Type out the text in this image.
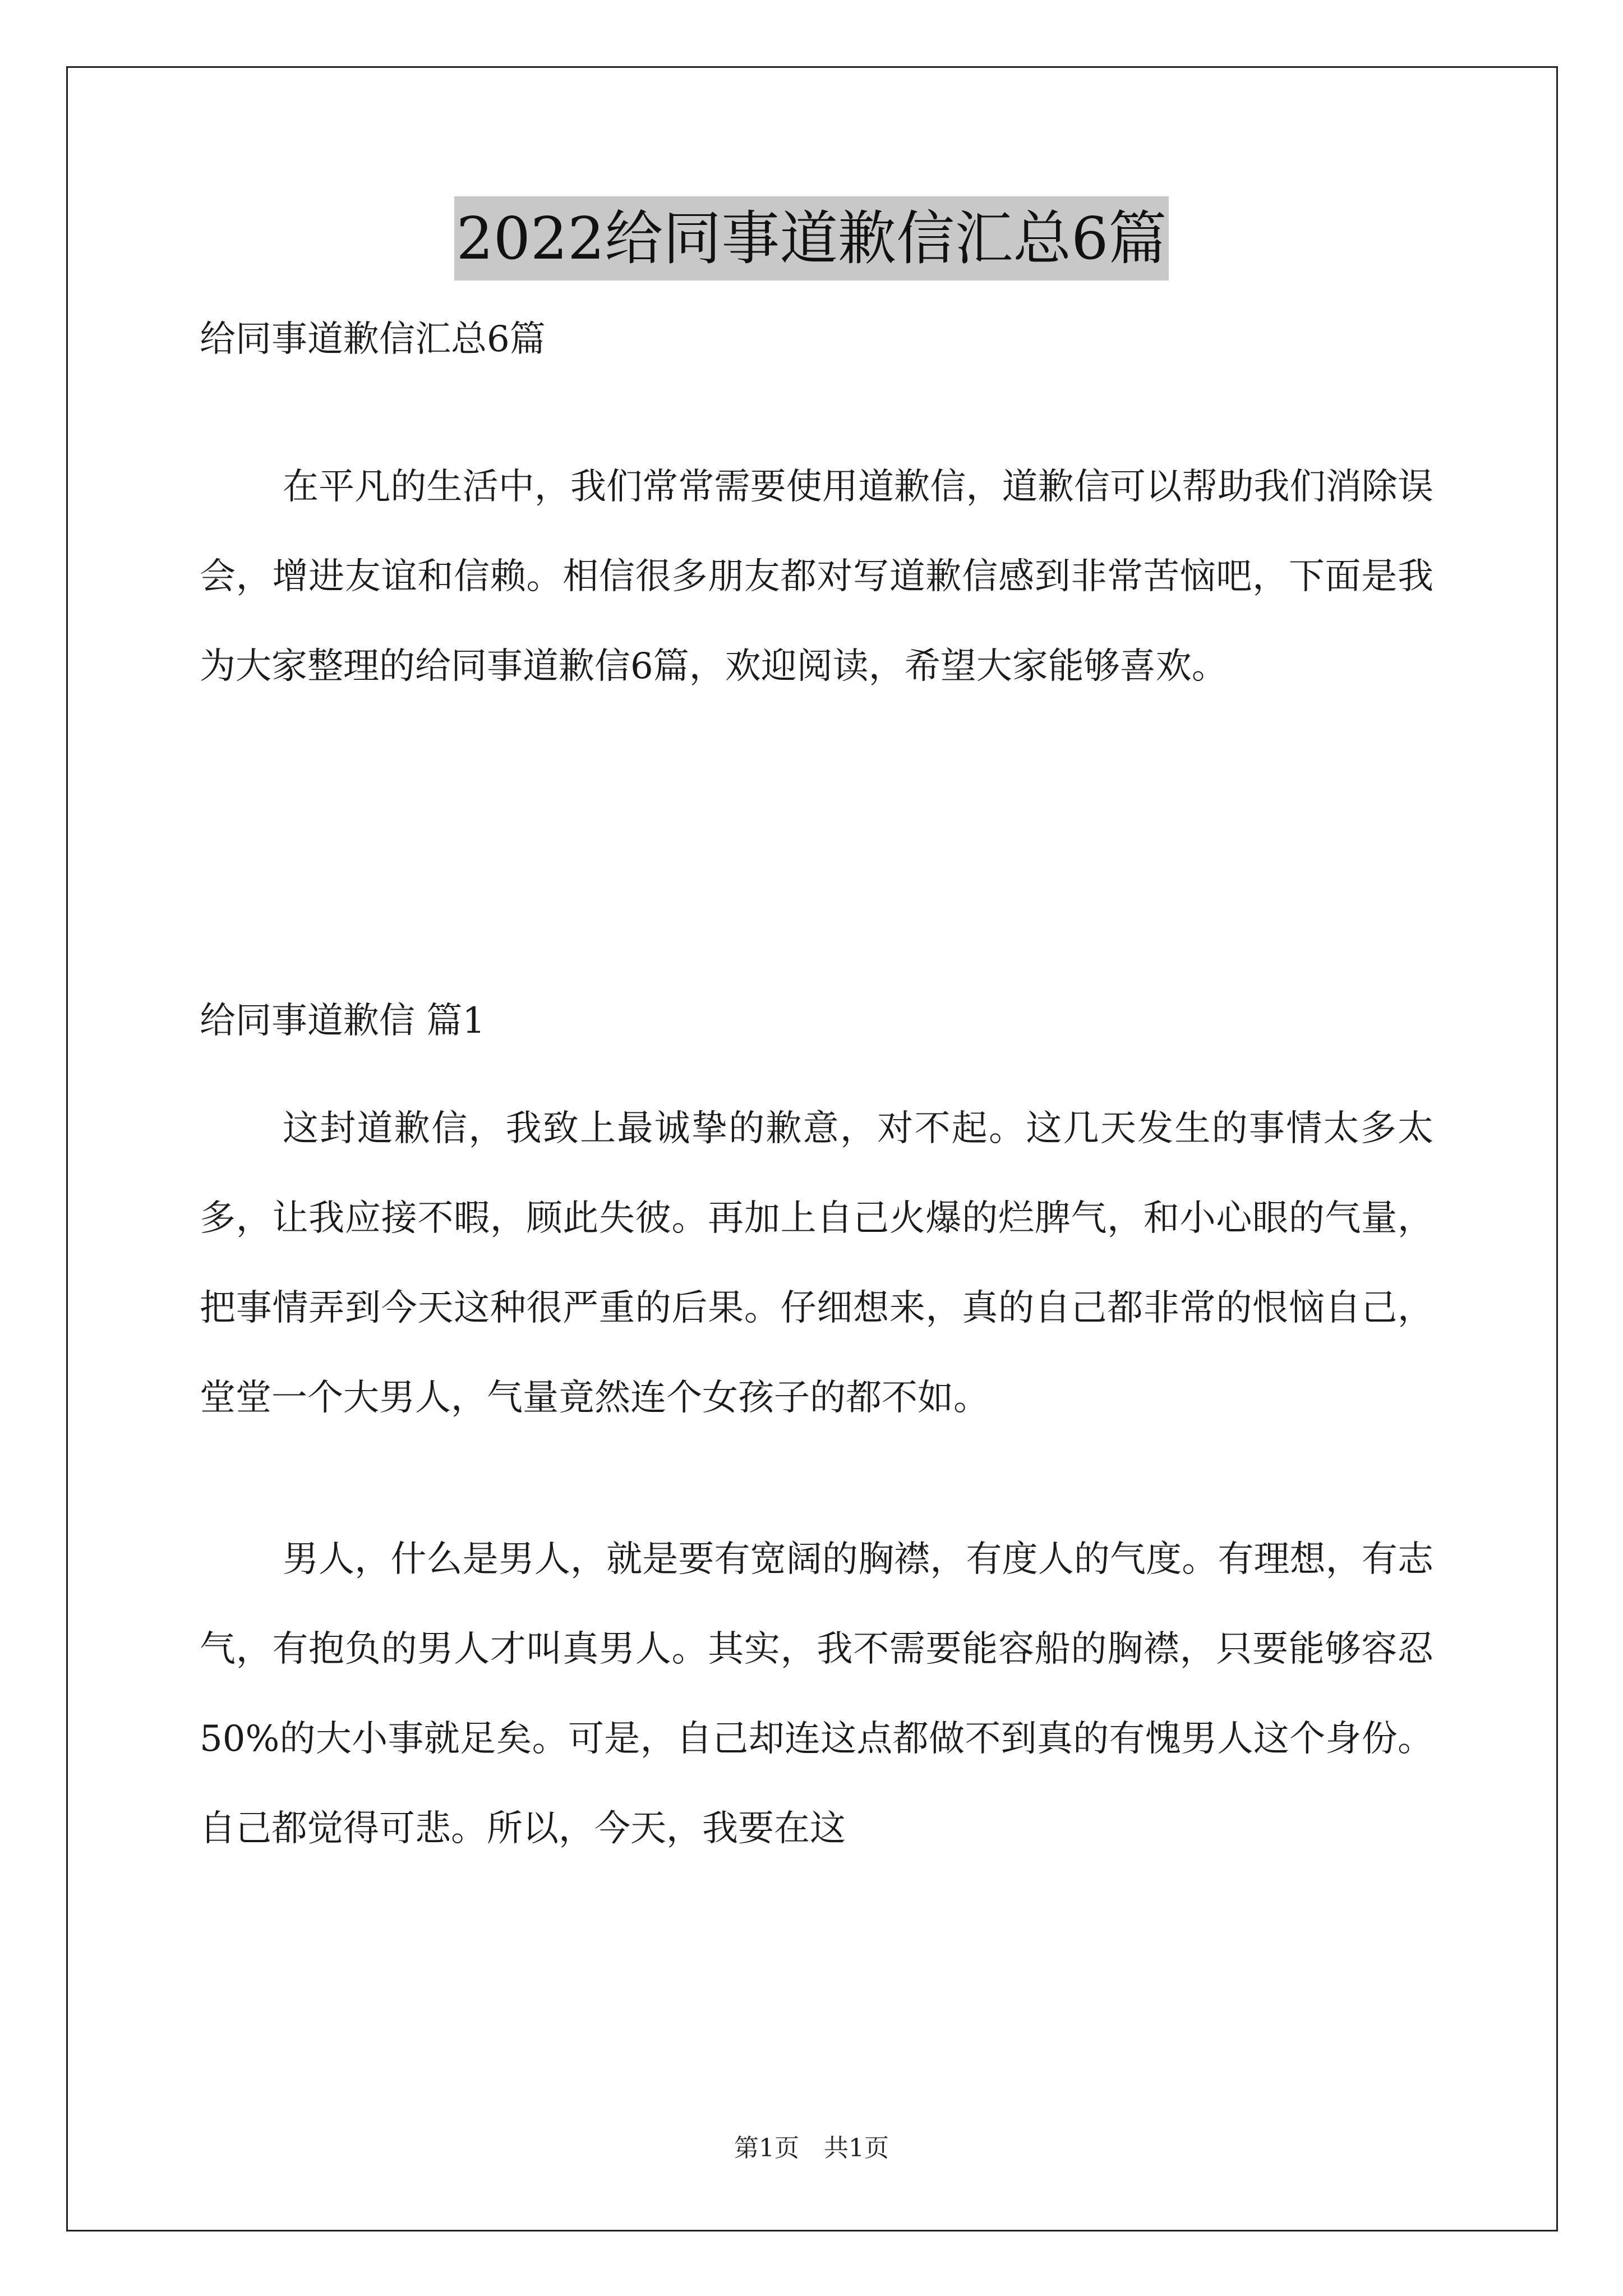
2022给同事道歉信汇总6篇
给同事道歉信汇总6篇

在平凡的生活中，我们常常需要使用道歉信，道歉信可以帮助我们消除误会，增进友谊和信赖。相信很多朋友都对写道歉信感到非常苦恼吧，下面是我为大家整理的给同事道歉信6篇，欢迎阅读，希望大家能够喜欢。

给同事道歉信 篇1

这封道歉信，我致上最诚挚的歉意，对不起。这几天发生的事情太多太多，让我应接不暇，顾此失彼。再加上自己火爆的烂脾气，和小心眼的气量，把事情弄到今天这种很严重的后果。仔细想来，真的自己都非常的恨恼自己，堂堂一个大男人，气量竟然连个女孩子的都不如。

男人，什么是男人，就是要有宽阔的胸襟，有度人的气度。有理想，有志气，有抱负的男人才叫真男人。其实，我不需要能容船的胸襟，只要能够容忍50%的大小事就足矣。可是，自己却连这点都做不到真的有愧男人这个身份。自己都觉得可悲。所以，今天，我要在这

第1页　共1页
